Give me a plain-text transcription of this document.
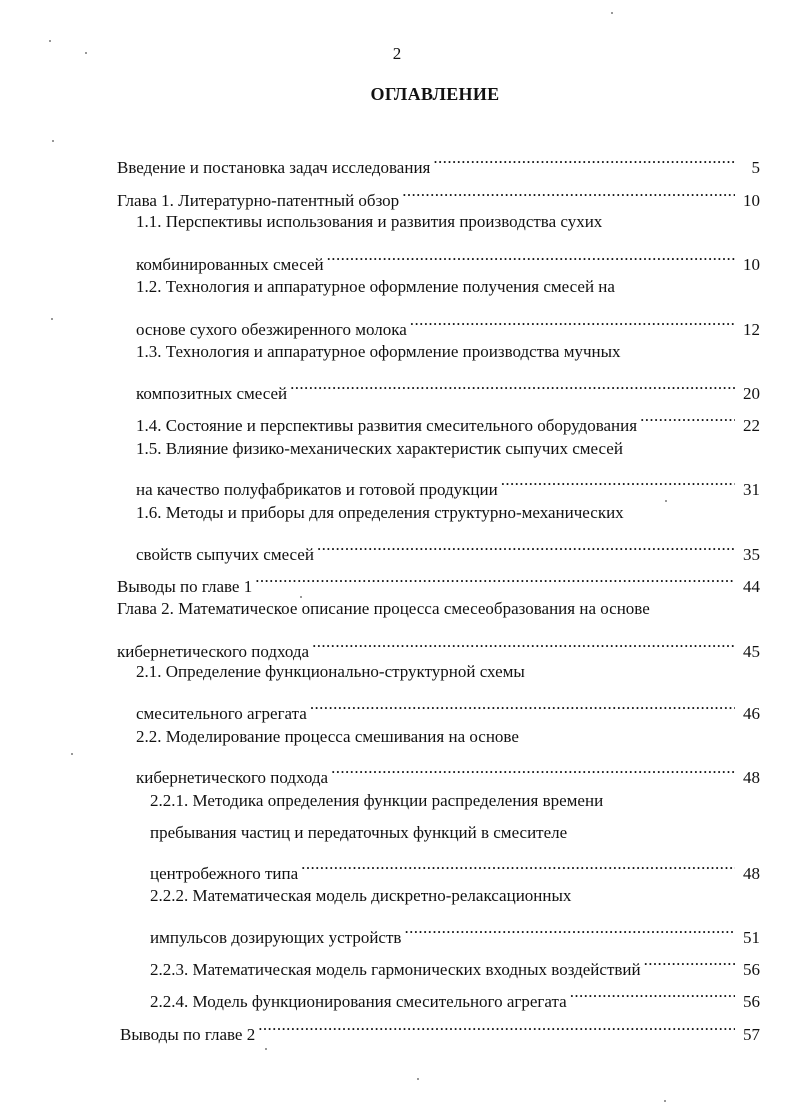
2
ОГЛАВЛЕНИЕ
Введение и постановка задач исследования .....	5
Глава 1. Литературно-патентный обзор .....	10
1.1. Перспективы использования и развития производства сухих
комбинированных смесей .....	10
1.2. Технология и аппаратурное оформление получения смесей на
основе сухого обезжиренного молока .....	12
1.3. Технология и аппаратурное оформление производства мучных
композитных смесей .....	20
1.4. Состояние и перспективы развития смесительного оборудования .....	22
1.5. Влияние физико-механических характеристик сыпучих смесей
на качество полуфабрикатов и готовой продукции .....	31
1.6. Методы и приборы для определения структурно-механических
свойств сыпучих смесей .....	35
Выводы по главе 1 .....	44
Глава 2. Математическое описание процесса смесеобразования на основе
кибернетического подхода .....	45
2.1. Определение функционально-структурной схемы
смесительного агрегата .....	46
2.2. Моделирование процесса смешивания на основе
кибернетического подхода .....	48
2.2.1. Методика определения функции распределения времени
пребывания частиц и передаточных функций в смесителе
центробежного типа .....	48
2.2.2. Математическая модель дискретно-релаксационных
импульсов дозирующих устройств .....	51
2.2.3. Математическая модель гармонических входных воздействий .....	56
2.2.4. Модель функционирования смесительного агрегата .....	56
Выводы по главе 2 .....	57
